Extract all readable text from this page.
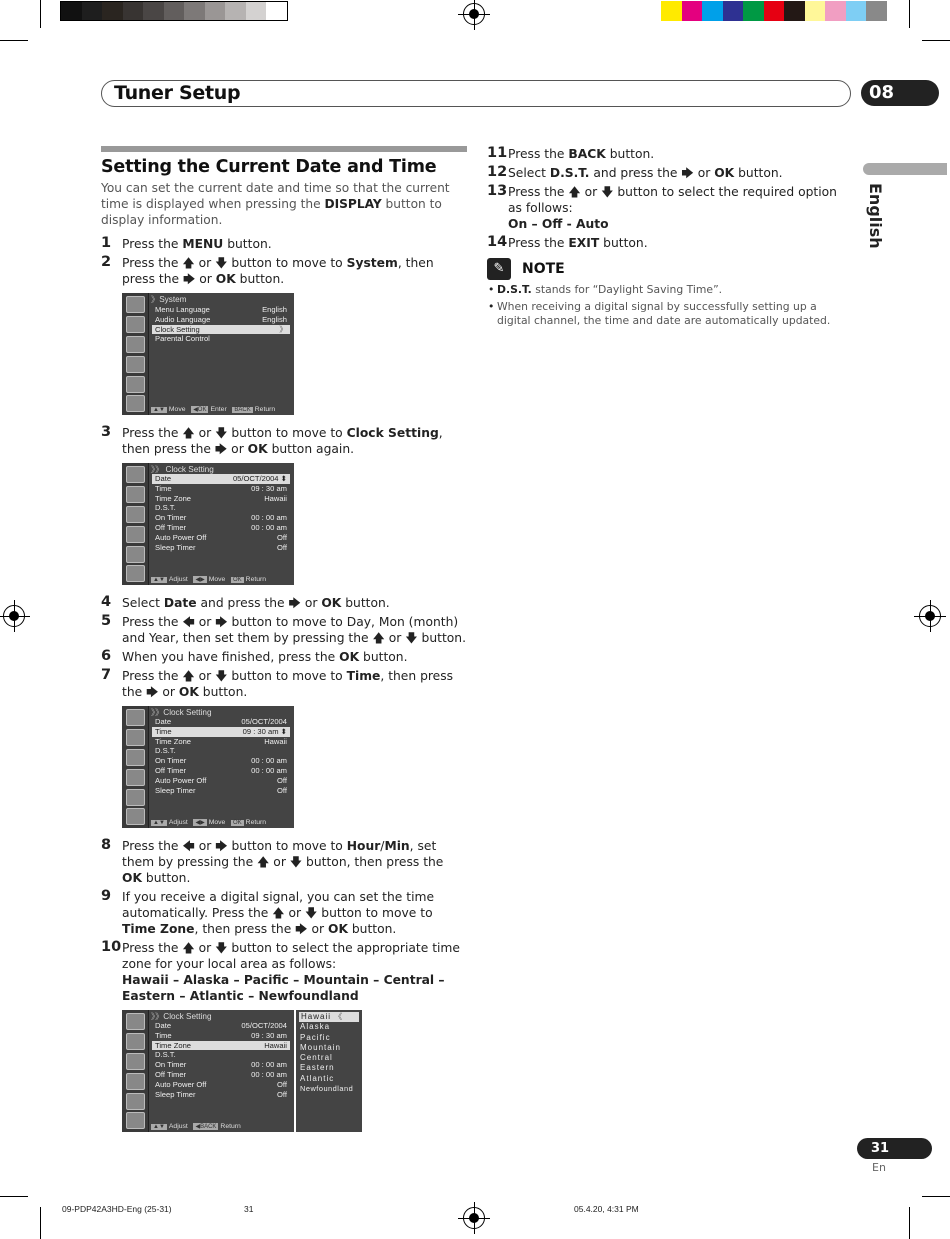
Tuner Setup	08
English
Setting the Current Date and Time

You can set the current date and time so that the current time is displayed when pressing the DISPLAY button to display information.

1 Press the MENU button.
2 Press the 🡅 or 🡇 button to move to System, then press the 🡆 or OK button.
》System
Menu Language	English
Audio Language	English
Clock Setting	》
Parental Control
▲▼ Move ◀OK Enter BACK Return
3 Press the 🡅 or 🡇 button to move to Clock Setting, then press the 🡆 or OK button again.
》》 Clock Setting
Date	05/OCT/2004 ⬍
Time	09 : 30 am
Time Zone	Hawaii
D.S.T.
On Timer	00 : 00 am
Off Timer	00 : 00 am
Auto Power Off	Off
Sleep Timer	Off
▲▼ Adjust ◀▶ Move OK Return
4 Select Date and press the 🡆 or OK button.
5 Press the 🡄 or 🡆 button to move to Day, Mon (month) and Year, then set them by pressing the 🡅 or 🡇 button.
6 When you have finished, press the OK button.
7 Press the 🡅 or 🡇 button to move to Time, then press the 🡆 or OK button.
》》Clock Setting
Date	05/OCT/2004
Time	09 : 30 am ⬍
Time Zone	Hawaii
D.S.T.
On Timer	00 : 00 am
Off Timer	00 : 00 am
Auto Power Off	Off
Sleep Timer	Off
▲▼ Adjust ◀▶ Move OK Return
8 Press the 🡄 or 🡆 button to move to Hour/Min, set them by pressing the 🡅 or 🡇 button, then press the OK button.
9 If you receive a digital signal, you can set the time automatically. Press the 🡅 or 🡇 button to move to Time Zone, then press the 🡆 or OK button.
10 Press the 🡅 or 🡇 button to select the appropriate time zone for your local area as follows:
Hawaii – Alaska – Pacific – Mountain – Central – Eastern – Atlantic – Newfoundland
》》Clock Setting
Date	05/OCT/2004
Time	09 : 30 am
Time Zone	Hawaii
D.S.T.
On Timer	00 : 00 am
Off Timer	00 : 00 am
Auto Power Off	Off
Sleep Timer	Off
▲▼ Adjust ◀BACK Return
Hawaii 《
Alaska
Pacific
Mountain
Central
Eastern
Atlantic
Newfoundland
11 Press the BACK button.
12 Select D.S.T. and press the 🡆 or OK button.
13 Press the 🡅 or 🡇 button to select the required option as follows:
On – Off - Auto
14 Press the EXIT button.
✎	NOTE
• D.S.T. stands for “Daylight Saving Time”.
• When receiving a digital signal by successfully setting up a digital channel, the time and date are automatically updated.
31
En
09-PDP42A3HD-Eng (25-31)	31	05.4.20, 4:31 PM
